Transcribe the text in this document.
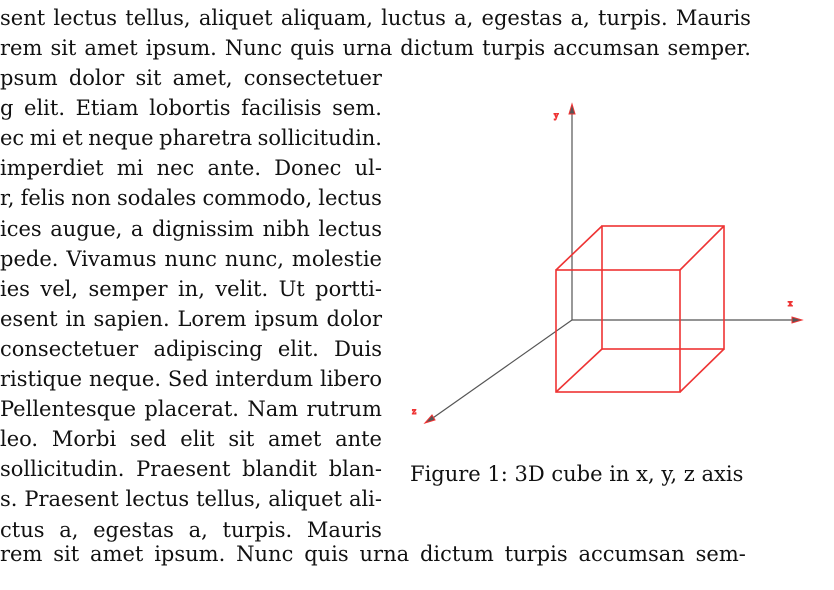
sent lectus tellus, aliquet aliquam, luctus a, egestas a, turpis. Mauris
rem sit amet ipsum. Nunc quis urna dictum turpis accumsan semper.
psum dolor sit amet, consectetuer
g elit. Etiam lobortis facilisis sem.
ec mi et neque pharetra sollicitudin.
imperdiet mi nec ante. Donec ul-
r, felis non sodales commodo, lectus
ices augue, a dignissim nibh lectus
pede. Vivamus nunc nunc, molestie
ies vel, semper in, velit. Ut portti-
esent in sapien. Lorem ipsum dolor
consectetuer adipiscing elit. Duis
ristique neque. Sed interdum libero
Pellentesque placerat. Nam rutrum
leo. Morbi sed elit sit amet ante
sollicitudin. Praesent blandit blan-
s. Praesent lectus tellus, aliquet ali-
ctus a, egestas a, turpis. Mauris
rem sit amet ipsum. Nunc quis urna dictum turpis accumsan sem-
y
x
z
Figure 1: 3D cube in x, y, z axis
